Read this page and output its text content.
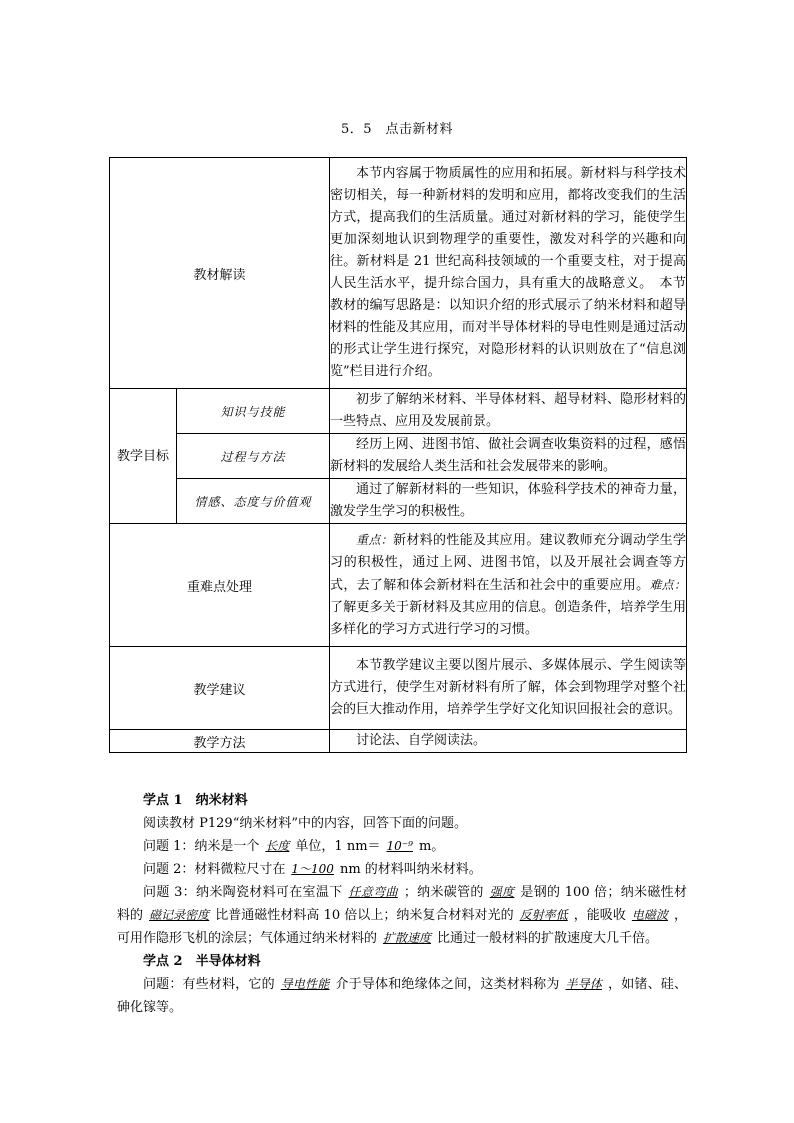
5．5　点击新材料
教材解读		本节内容属于物质属性的应用和拓展。新材料与科学技术密切相关，每一种新材料的发明和应用，都将改变我们的生活方式，提高我们的生活质量。通过对新材料的学习，能使学生更加深刻地认识到物理学的重要性，激发对科学的兴趣和向往。新材料是 21 世纪高科技领域的一个重要支柱，对于提高人民生活水平，提升综合国力，具有重大的战略意义。　本节教材的编写思路是：以知识介绍的形式展示了纳米材料和超导材料的性能及其应用，而对半导体材料的导电性则是通过活动的形式让学生进行探究，对隐形材料的认识则放在了“信息浏览”栏目进行介绍。

教学目标	知识与技能	初步了解纳米材料、半导体材料、超导材料、隐形材料的一些特点、应用及发展前景。

	过程与方法	经历上网、进图书馆、做社会调查收集资料的过程，感悟新材料的发展给人类生活和社会发展带来的影响。

	情感、态度与价值观	通过了解新材料的一些知识，体验科学技术的神奇力量，激发学生学习的积极性。

重难点处理		重点：新材料的性能及其应用。建议教师充分调动学生学习的积极性，通过上网、进图书馆，以及开展社会调查等方式，去了解和体会新材料在生活和社会中的重要应用。难点：了解更多关于新材料及其应用的信息。创造条件，培养学生用多样化的学习方式进行学习的习惯。

教学建议		本节教学建议主要以图片展示、多媒体展示、学生阅读等方式进行，使学生对新材料有所了解，体会到物理学对整个社会的巨大推动作用，培养学生学好文化知识回报社会的意识。

教学方法		讨论法、自学阅读法。

学点 1　纳米材料

阅读教材 P129“纳米材料”中的内容，回答下面的问题。

问题 1：纳米是一个 长度 单位，1 nm＝ 10⁻⁹ m。

问题 2：材料微粒尺寸在 1～100 nm 的材料叫纳米材料。

问题 3：纳米陶瓷材料可在室温下 任意弯曲 ；纳米碳管的 强度 是钢的 100 倍；纳米磁性材料的 磁记录密度 比普通磁性材料高 10 倍以上；纳米复合材料对光的 反射率低 ，能吸收 电磁波 ，可用作隐形飞机的涂层；气体通过纳米材料的 扩散速度 比通过一般材料的扩散速度大几千倍。

学点 2　半导体材料

问题：有些材料，它的 导电性能 介于导体和绝缘体之间，这类材料称为 半导体 ，如锗、硅、砷化镓等。
